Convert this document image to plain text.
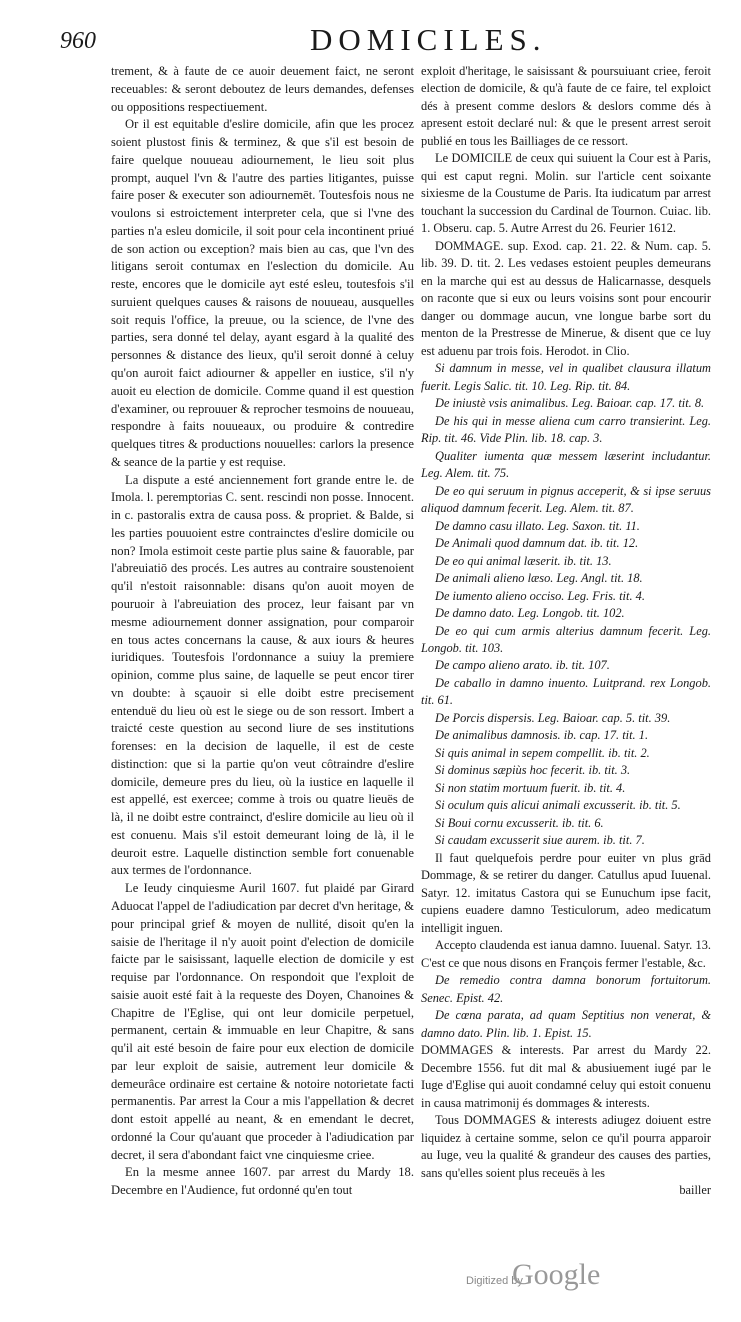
960	DOMICILES.

trement, & à faute de ce auoir deuement faict, ne seront receuables: & seront deboutez de leurs demandes, defenses ou oppositions respectiuement.

Or il est equitable d'eslire domicile, afin que les procez soient plustost finis & terminez, & que s'il est besoin de faire quelque nouueau adiournement, le lieu soit plus prompt, auquel l'vn & l'autre des parties litigantes, puisse faire poser & executer son adiournemēt. Toutesfois nous ne voulons si estroictement interpreter cela, que si l'vne des parties n'a esleu domicile, il soit pour cela incontinent priué de son action ou exception? mais bien au cas, que l'vn des litigans seroit contumax en l'eslection du domicile. Au reste, encores que le domicile ayt esté esleu, toutesfois s'il suruient quelques causes & raisons de nouueau, ausquelles soit requis l'office, la preuue, ou la science, de l'vne des parties, sera donné tel delay, ayant esgard à la qualité des personnes & distance des lieux, qu'il seroit donné à celuy qu'on auroit faict adiourner & appeller en iustice, s'il n'y auoit eu election de domicile. Comme quand il est question d'examiner, ou reprouuer & reprocher tesmoins de nouueau, respondre à faits nouueaux, ou produire & contredire quelques titres & productions nouuelles: carlors la presence & seance de la partie y est requise.

La dispute a esté anciennement fort grande entre le. de Imola. l. peremptorias C. sent. rescindi non posse. Innocent. in c. pastoralis extra de causa poss. & propriet. & Balde, si les parties pouuoient estre contrainctes d'eslire domicile ou non? Imola estimoit ceste partie plus saine & fauorable, par l'abreuiatiō des procés. Les autres au contraire soustenoient qu'il n'estoit raisonnable: disans qu'on auoit moyen de pouruoir à l'abreuiation des procez, leur faisant par vn mesme adiournement donner assignation, pour comparoir en tous actes concernans la cause, & aux iours & heures iuridiques. Toutesfois l'ordonnance a suiuy la premiere opinion, comme plus saine, de laquelle se peut encor tirer vn doubte: à sçauoir si elle doibt estre precisement entenduë du lieu où est le siege ou de son ressort. Imbert a traicté ceste question au second liure de ses institutions forenses: en la decision de laquelle, il est de ceste distinction: que si la partie qu'on veut côtraindre d'eslire domicile, demeure pres du lieu, où la iustice en laquelle il est appellé, est exercee; comme à trois ou quatre lieuës de là, il ne doibt estre contrainct, d'eslire domicile au lieu où il est conuenu. Mais s'il estoit demeurant loing de là, il le deuroit estre. Laquelle distinction semble fort conuenable aux termes de l'ordonnance.

Le Ieudy cinquiesme Auril 1607. fut plaidé par Girard Aduocat l'appel de l'adiudication par decret d'vn heritage, & pour principal grief & moyen de nullité, disoit qu'en la saisie de l'heritage il n'y auoit point d'election de domicile faicte par le saisissant, laquelle election de domicile y est requise par l'ordonnance. On respondoit que l'exploit de saisie auoit esté fait à la requeste des Doyen, Chanoines & Chapitre de l'Eglise, qui ont leur domicile perpetuel, permanent, certain & immuable en leur Chapitre, & sans qu'il ait esté besoin de faire pour eux election de domicile par leur exploit de saisie, autrement leur domicile & demeurâce ordinaire est certaine & notoire notorietate facti permanentis. Par arrest la Cour a mis l'appellation & decret dont estoit appellé au neant, & en emendant le decret, ordonné la Cour qu'auant que proceder à l'adiudication par decret, il sera d'abondant faict vne cinquiesme criee.

En la mesme annee 1607. par arrest du Mardy 18. Decembre en l'Audience, fut ordonné qu'en tout

exploit d'heritage, le saisissant & poursuiuant criee, feroit election de domicile, & qu'à faute de ce faire, tel exploict dés à present comme deslors & deslors comme dés à apresent estoit declaré nul: & que le present arrest seroit publié en tous les Bailliages de ce ressort.

Le DOMICILE de ceux qui suiuent la Cour est à Paris, qui est caput regni. Molin. sur l'article cent soixante sixiesme de la Coustume de Paris. Ita iudicatum par arrest touchant la succession du Cardinal de Tournon. Cuiac. lib. 1. Obseru. cap. 5. Autre Arrest du 26. Feurier 1612.

DOMMAGE. sup. Exod. cap. 21. 22. & Num. cap. 5. lib. 39. D. tit. 2. Les vedases estoient peuples demeurans en la marche qui est au dessus de Halicarnasse, desquels on raconte que si eux ou leurs voisins sont pour encourir danger ou dommage aucun, vne longue barbe sort du menton de la Prestresse de Minerue, & disent que ce luy est aduenu par trois fois. Herodot. in Clio.

Si damnum in messe, vel in qualibet clausura illatum fuerit. Legis Salic. tit. 10. Leg. Rip. tit. 84.

De iniustè vsis animalibus. Leg. Baioar. cap. 17. tit. 8.

De his qui in messe aliena cum carro transierint. Leg. Rip. tit. 46. Vide Plin. lib. 18. cap. 3.

Qualiter iumenta quæ messem læserint includantur. Leg. Alem. tit. 75.

De eo qui seruum in pignus acceperit, & si ipse seruus aliquod damnum fecerit. Leg. Alem. tit. 87.

De damno casu illato. Leg. Saxon. tit. 11.

De Animali quod damnum dat. ib. tit. 12.

De eo qui animal læserit. ib. tit. 13.

De animali alieno læso. Leg. Angl. tit. 18.

De iumento alieno occiso. Leg. Fris. tit. 4.

De damno dato. Leg. Longob. tit. 102.

De eo qui cum armis alterius damnum fecerit. Leg. Longob. tit. 103.

De campo alieno arato. ib. tit. 107.

De caballo in damno inuento. Luitprand. rex Longob. tit. 61.

De Porcis dispersis. Leg. Baioar. cap. 5. tit. 39.

De animalibus damnosis. ib. cap. 17. tit. 1.

Si quis animal in sepem compellit. ib. tit. 2.

Si dominus sæpiùs hoc fecerit. ib. tit. 3.

Si non statim mortuum fuerit. ib. tit. 4.

Si oculum quis alicui animali excusserit. ib. tit. 5.

Si Boui cornu excusserit. ib. tit. 6.

Si caudam excusserit siue aurem. ib. tit. 7.

Il faut quelquefois perdre pour euiter vn plus grād Dommage, & se retirer du danger. Catullus apud Iuuenal. Satyr. 12. imitatus Castora qui se Eunuchum ipse facit, cupiens euadere damno Testiculorum, adeo medicatum intelligit inguen.

Accepto claudenda est ianua damno. Iuuenal. Satyr. 13. C'est ce que nous disons en François fermer l'estable, &c.

De remedio contra damna bonorum fortuitorum. Senec. Epist. 42.

De cœna parata, ad quam Septitius non venerat, & damno dato. Plin. lib. 1. Epist. 15.

DOMMAGES & interests. Par arrest du Mardy 22. Decembre 1556. fut dit mal & abusiuement iugé par le Iuge d'Eglise qui auoit condamné celuy qui estoit conuenu in causa matrimonij és dommages & interests.

Tous DOMMAGES & interests adiugez doiuent estre liquidez à certaine somme, selon ce qu'il pourra apparoir au Iuge, veu la qualité & grandeur des causes des parties, sans qu'elles soient plus receuës à les

bailler

Digitized by
Google
